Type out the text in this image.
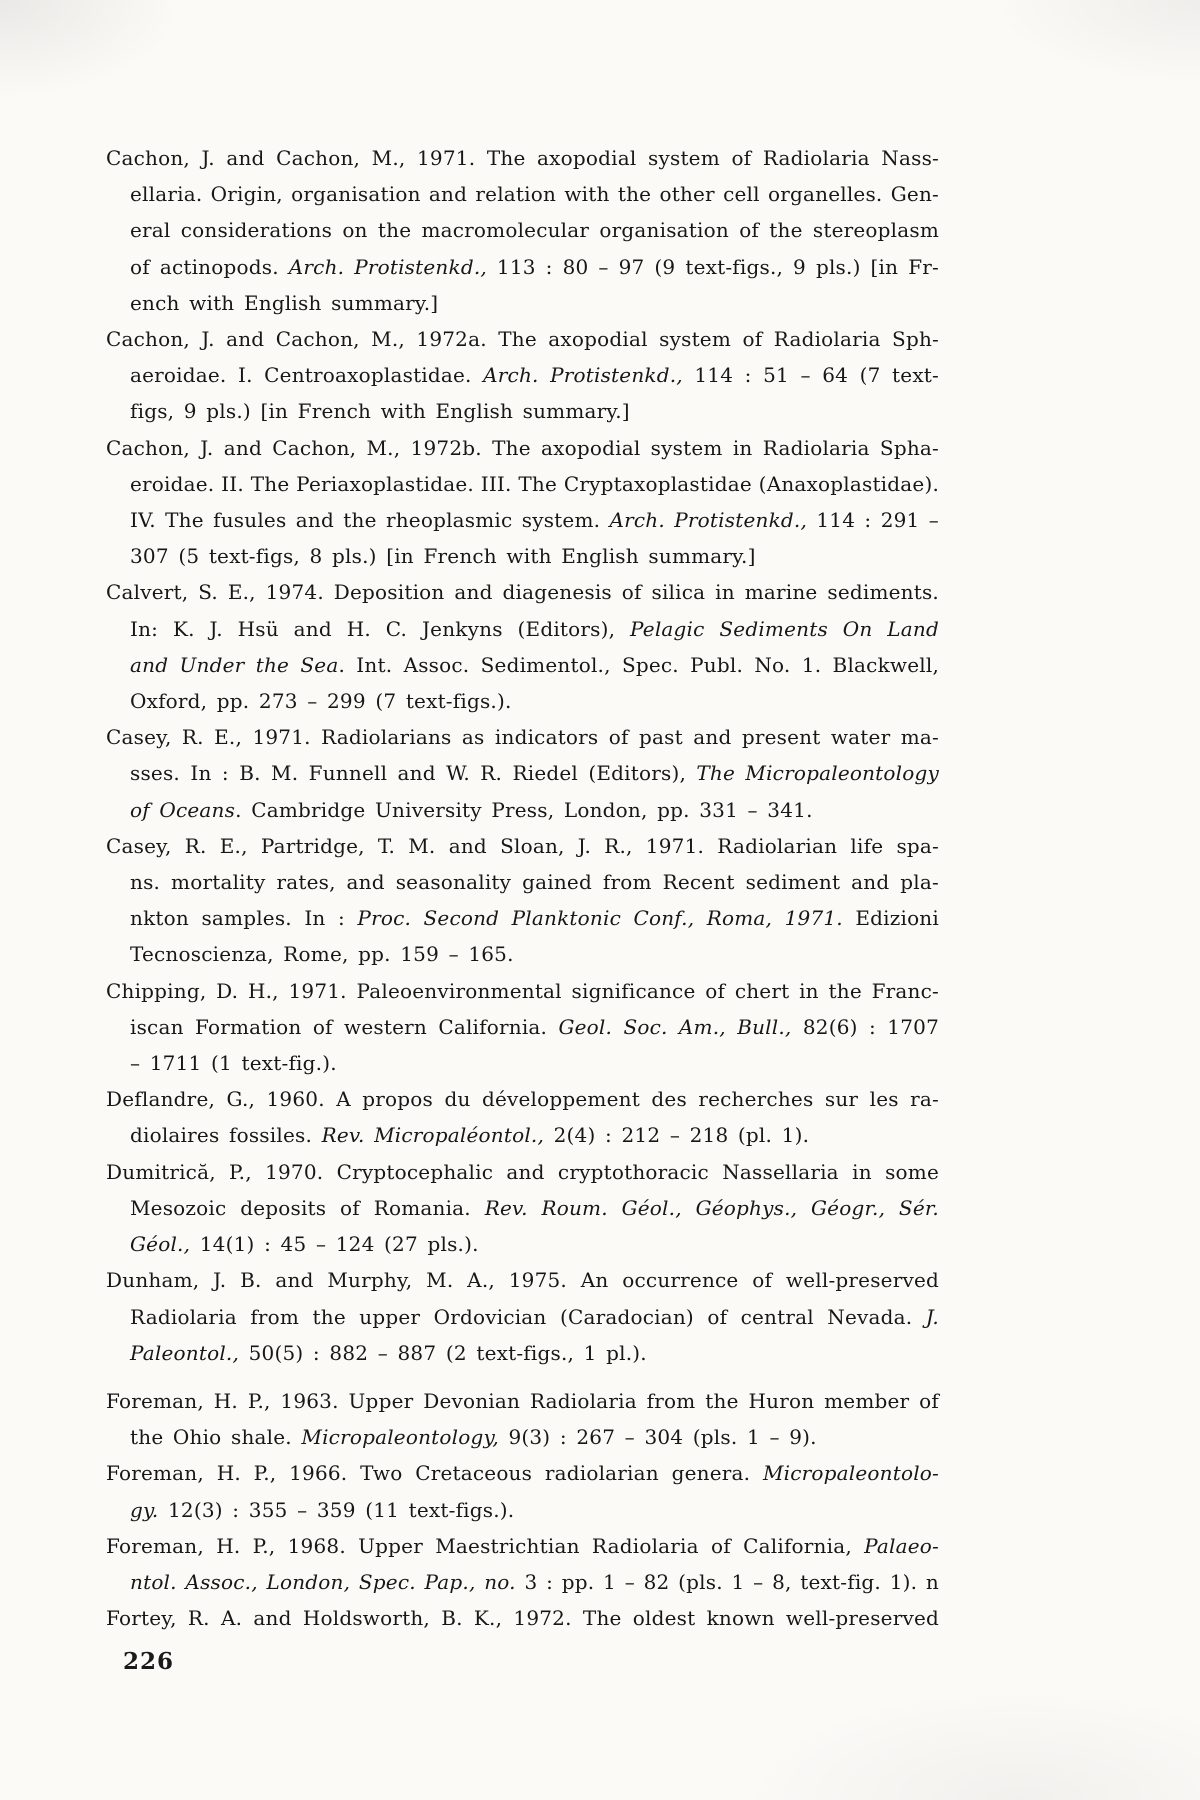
Cachon, J. and Cachon, M., 1971. The axopodial system of Radiolaria Nass-
ellaria. Origin, organisation and relation with the other cell organelles. Gen-
eral considerations on the macromolecular organisation of the stereoplasm
of actinopods. Arch. Protistenkd., 113 : 80 – 97 (9 text-figs., 9 pls.) [in Fr-
ench with English summary.]
Cachon, J. and Cachon, M., 1972a. The axopodial system of Radiolaria Sph-
aeroidae. I. Centroaxoplastidae. Arch. Protistenkd., 114 : 51 – 64 (7 text-
figs, 9 pls.) [in French with English summary.]
Cachon, J. and Cachon, M., 1972b. The axopodial system in Radiolaria Spha-
eroidae. II. The Periaxoplastidae. III. The Cryptaxoplastidae (Anaxoplastidae).
IV. The fusules and the rheoplasmic system. Arch. Protistenkd., 114 : 291 –
307 (5 text-figs, 8 pls.) [in French with English summary.]
Calvert, S. E., 1974. Deposition and diagenesis of silica in marine sediments.
In: K. J. Hsü and H. C. Jenkyns (Editors), Pelagic Sediments On Land
and Under the Sea. Int. Assoc. Sedimentol., Spec. Publ. No. 1. Blackwell,
Oxford, pp. 273 – 299 (7 text-figs.).
Casey, R. E., 1971. Radiolarians as indicators of past and present water ma-
sses. In : B. M. Funnell and W. R. Riedel (Editors), The Micropaleontology
of Oceans. Cambridge University Press, London, pp. 331 – 341.
Casey, R. E., Partridge, T. M. and Sloan, J. R., 1971. Radiolarian life spa-
ns. mortality rates, and seasonality gained from Recent sediment and pla-
nkton samples. In : Proc. Second Planktonic Conf., Roma, 1971. Edizioni
Tecnoscienza, Rome, pp. 159 – 165.
Chipping, D. H., 1971. Paleoenvironmental significance of chert in the Franc-
iscan Formation of western California. Geol. Soc. Am., Bull., 82(6) : 1707
– 1711 (1 text-fig.).
Deflandre, G., 1960. A propos du développement des recherches sur les ra-
diolaires fossiles. Rev. Micropaléontol., 2(4) : 212 – 218 (pl. 1).
Dumitrică, P., 1970. Cryptocephalic and cryptothoracic Nassellaria in some
Mesozoic deposits of Romania. Rev. Roum. Géol., Géophys., Géogr., Sér.
Géol., 14(1) : 45 – 124 (27 pls.).
Dunham, J. B. and Murphy, M. A., 1975. An occurrence of well-preserved
Radiolaria from the upper Ordovician (Caradocian) of central Nevada. J.
Paleontol., 50(5) : 882 – 887 (2 text-figs., 1 pl.).
Foreman, H. P., 1963. Upper Devonian Radiolaria from the Huron member of
the Ohio shale. Micropaleontology, 9(3) : 267 – 304 (pls. 1 – 9).
Foreman, H. P., 1966. Two Cretaceous radiolarian genera. Micropaleontolo-
gy. 12(3) : 355 – 359 (11 text-figs.).
Foreman, H. P., 1968. Upper Maestrichtian Radiolaria of California, Palaeo-
ntol. Assoc., London, Spec. Pap., no. 3 : pp. 1 – 82 (pls. 1 – 8, text-fig. 1). n
Fortey, R. A. and Holdsworth, B. K., 1972. The oldest known well-preserved
226
